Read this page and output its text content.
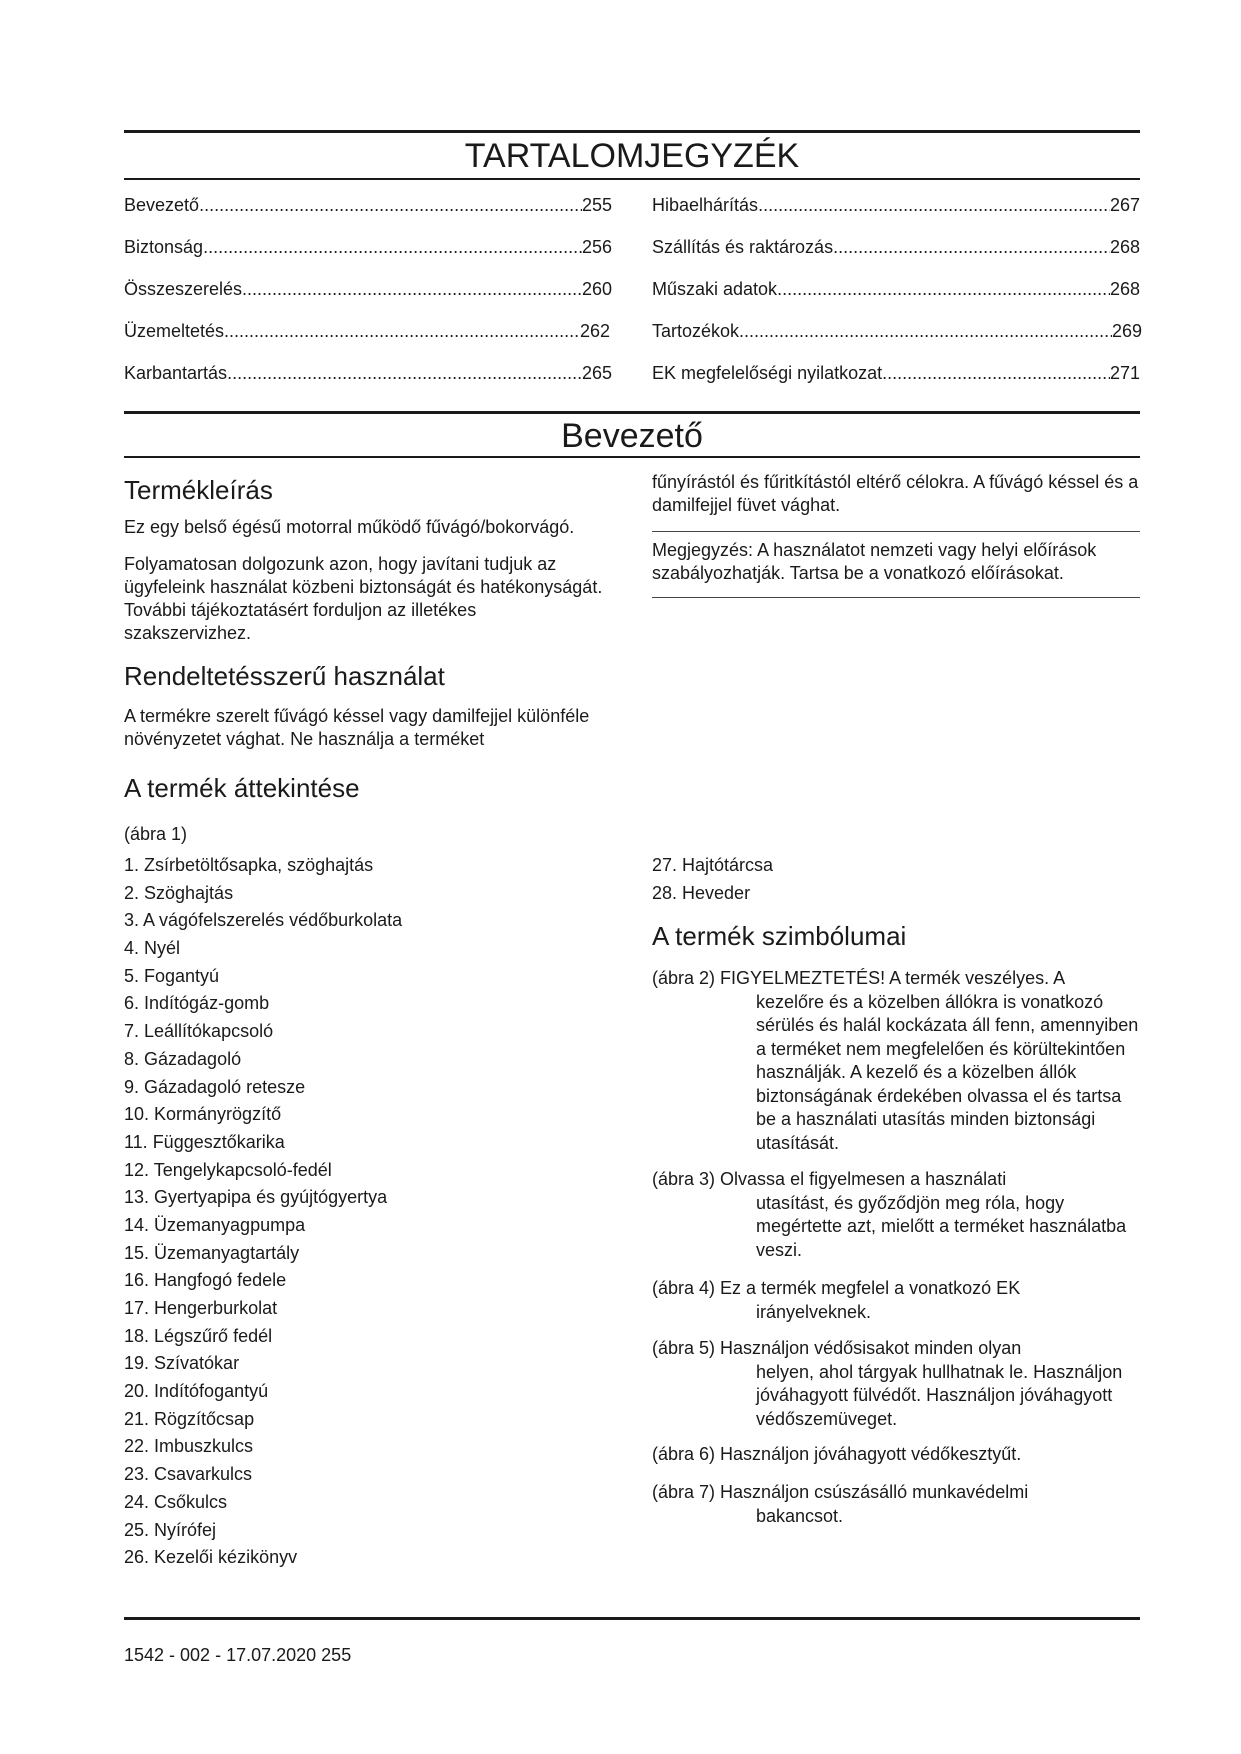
TARTALOMJEGYZÉK
Bevezető .....	255
Biztonság .....	256
Összeszerelés .....	260
Üzemeltetés .....	262
Karbantartás .....	265
Hibaelhárítás .....	267
Szállítás és raktározás .....	268
Műszaki adatok .....	268
Tartozékok .....	269
EK megfelelőségi nyilatkozat .....	271
Bevezető
Termékleírás

Ez egy belső égésű motorral működő fűvágó/bokorvágó.

Folyamatosan dolgozunk azon, hogy javítani tudjuk az ügyfeleink használat közbeni biztonságát és hatékonyságát. További tájékoztatásért forduljon az illetékes szakszervizhez.

Rendeltetésszerű használat

A termékre szerelt fűvágó késsel vagy damilfejjel különféle növényzetet vághat. Ne használja a terméket

fűnyírástól és fűritkítástól eltérő célokra. A fűvágó késsel és a damilfejjel füvet vághat.

Megjegyzés: A használatot nemzeti vagy helyi előírások szabályozhatják. Tartsa be a vonatkozó előírásokat.

A termék áttekintése

(ábra 1)

1. Zsírbetöltősapka, szöghajtás
2. Szöghajtás
3. A vágófelszerelés védőburkolata
4. Nyél
5. Fogantyú
6. Indítógáz-gomb
7. Leállítókapcsoló
8. Gázadagoló
9. Gázadagoló retesze
10. Kormányrögzítő
11. Függesztőkarika
12. Tengelykapcsoló-fedél
13. Gyertyapipa és gyújtógyertya
14. Üzemanyagpumpa
15. Üzemanyagtartály
16. Hangfogó fedele
17. Hengerburkolat
18. Légszűrő fedél
19. Szívatókar
20. Indítófogantyú
21. Rögzítőcsap
22. Imbuszkulcs
23. Csavarkulcs
24. Csőkulcs
25. Nyírófej
26. Kezelői kézikönyv
27. Hajtótárcsa
28. Heveder
A termék szimbólumai
(ábra 2) FIGYELMEZTETÉS! A termék veszélyes. A
kezelőre és a közelben állókra is vonatkozó sérülés és halál kockázata áll fenn, amennyiben a terméket nem megfelelően és körültekintően használják. A kezelő és a közelben állók biztonságának érdekében olvassa el és tartsa be a használati utasítás minden biztonsági utasítását.
(ábra 3) Olvassa el figyelmesen a használati
utasítást, és győződjön meg róla, hogy megértette azt, mielőtt a terméket használatba veszi.
(ábra 4) Ez a termék megfelel a vonatkozó EK
irányelveknek.
(ábra 5) Használjon védősisakot minden olyan
helyen, ahol tárgyak hullhatnak le. Használjon jóváhagyott fülvédőt. Használjon jóváhagyott védőszemüveget.
(ábra 6) Használjon jóváhagyott védőkesztyűt.
(ábra 7) Használjon csúszásálló munkavédelmi
bakancsot.
1542 - 002 - 17.07.2020 255
